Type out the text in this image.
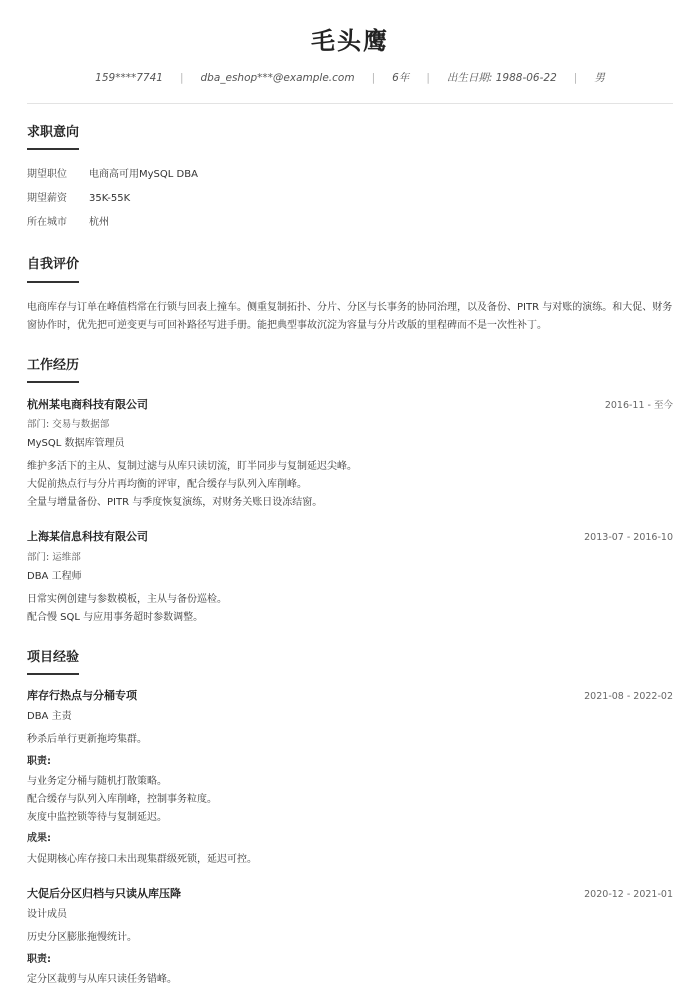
毛头鹰
159****7741 | dba_eshop***@example.com | 6年 | 出生日期: 1988-06-22 | 男
求职意向
期望职位 电商高可用MySQL DBA
期望薪资 35K-55K
所在城市 杭州
自我评价
电商库存与订单在峰值档常在行锁与回表上撞车。侧重复制拓扑、分片、分区与长事务的协同治理，以及备份、PITR 与对账的演练。和大促、财务窗协作时，优先把可逆变更与可回补路径写进手册。能把典型事故沉淀为容量与分片改版的里程碑而不是一次性补丁。
工作经历
杭州某电商科技有限公司	2016-11 - 至今
部门: 交易与数据部
MySQL 数据库管理员
维护多活下的主从、复制过滤与从库只读切流，盯半同步与复制延迟尖峰。
大促前热点行与分片再均衡的评审，配合缓存与队列入库削峰。
全量与增量备份、PITR 与季度恢复演练，对财务关账日设冻结窗。
上海某信息科技有限公司	2013-07 - 2016-10
部门: 运维部
DBA 工程师
日常实例创建与参数模板，主从与备份巡检。
配合慢 SQL 与应用事务超时参数调整。
项目经验
库存行热点与分桶专项	2021-08 - 2022-02
DBA 主责
秒杀后单行更新拖垮集群。
职责:
与业务定分桶与随机打散策略。
配合缓存与队列入库削峰，控制事务粒度。
灰度中监控锁等待与复制延迟。
成果:
大促期核心库存接口未出现集群级死锁，延迟可控。
大促后分区归档与只读从库压降	2020-12 - 2021-01
设计成员
历史分区膨胀拖慢统计。
职责:
定分区裁剪与从库只读任务错峰。
